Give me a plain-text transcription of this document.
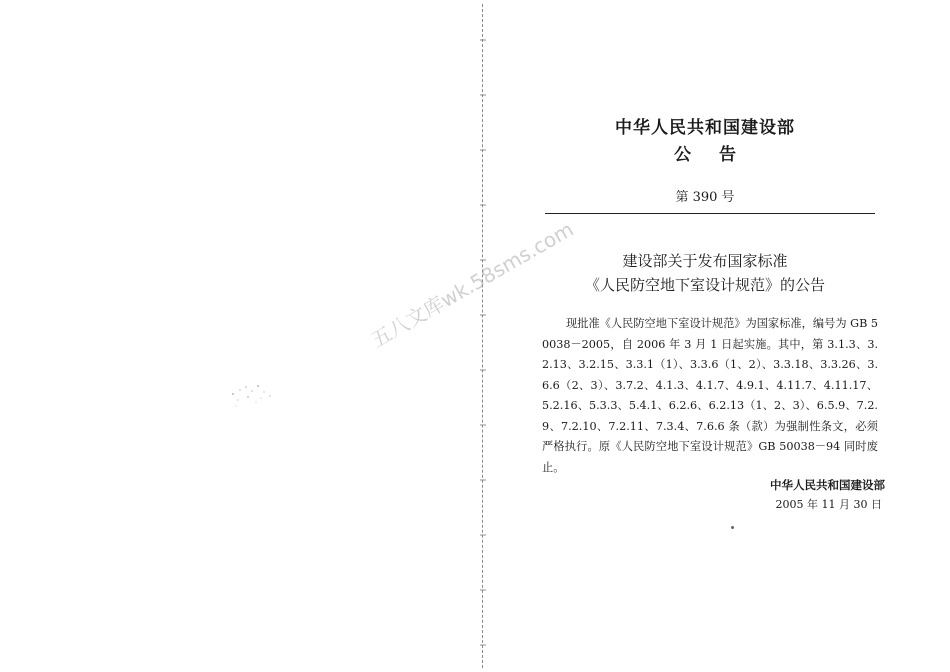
中华人民共和国建设部
公告
第 390 号
建设部关于发布国家标准
《人民防空地下室设计规范》的公告
现批准《人民防空地下室设计规范》为国家标准，编号为 GB 50038－2005，自 2006 年 3 月 1 日起实施。其中，第 3.1.3、3.2.13、3.2.15、3.3.1（1）、3.3.6（1、2）、3.3.18、3.3.26、3.6.6（2、3）、3.7.2、4.1.3、4.1.7、4.9.1、4.11.7、4.11.17、5.2.16、5.3.3、5.4.1、6.2.6、6.2.13（1、2、3）、6.5.9、7.2.9、7.2.10、7.2.11、7.3.4、7.6.6 条（款）为强制性条文，必须严格执行。原《人民防空地下室设计规范》GB 50038－94 同时废止。
中华人民共和国建设部
2005 年 11 月 30 日
五八文库wk.58sms.com
